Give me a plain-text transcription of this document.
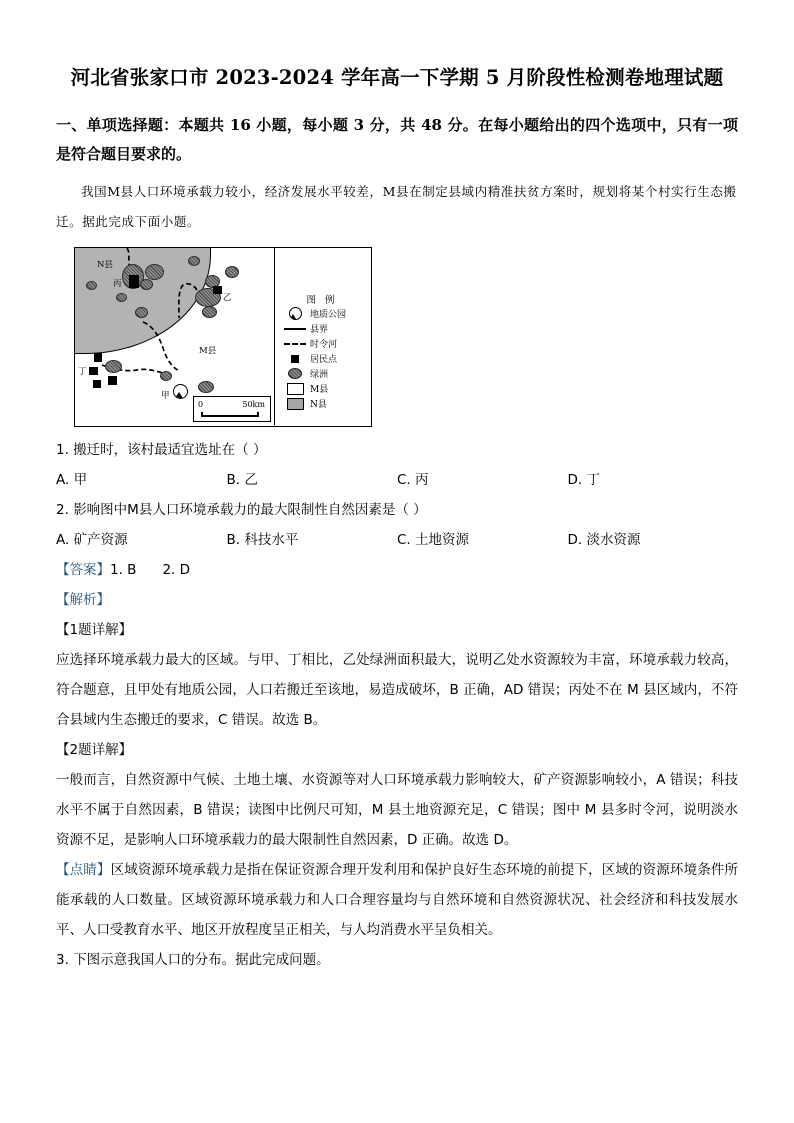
河北省张家口市 2023-2024 学年高一下学期 5 月阶段性检测卷地理试题
一、单项选择题：本题共 16 小题，每小题 3 分，共 48 分。在每小题给出的四个选项中，只有一项是符合题目要求的。
我国M县人口环境承载力较小，经济发展水平较差，M县在制定县域内精准扶贫方案时，规划将某个村实行生态搬迁。据此完成下面小题。
N县
M县
甲
乙
丙
丁
0	50km
图 例
地质公园
县界
时令河
居民点
绿洲
M县
N县
1. 搬迁时，该村最适宜选址在（ ）
A. 甲	B. 乙	C. 丙	D. 丁
2. 影响图中M县人口环境承载力的最大限制性自然因素是（ ）
A. 矿产资源	B. 科技水平	C. 土地资源	D. 淡水资源
【答案】1. B 2. D
【解析】
【1题详解】
应选择环境承载力最大的区域。与甲、丁相比，乙处绿洲面积最大，说明乙处水资源较为丰富，环境承载力较高，符合题意，且甲处有地质公园，人口若搬迁至该地，易造成破坏，B 正确，AD 错误；丙处不在 M 县区域内，不符合县域内生态搬迁的要求，C 错误。故选 B。
【2题详解】
一般而言，自然资源中气候、土地土壤、水资源等对人口环境承载力影响较大，矿产资源影响较小，A 错误；科技水平不属于自然因素，B 错误；读图中比例尺可知，M 县土地资源充足，C 错误；图中 M 县多时令河，说明淡水资源不足，是影响人口环境承载力的最大限制性自然因素，D 正确。故选 D。
【点睛】区域资源环境承载力是指在保证资源合理开发利用和保护良好生态环境的前提下，区域的资源环境条件所能承载的人口数量。区域资源环境承载力和人口合理容量均与自然环境和自然资源状况、社会经济和科技发展水平、人口受教育水平、地区开放程度呈正相关，与人均消费水平呈负相关。
3. 下图示意我国人口的分布。据此完成问题。
